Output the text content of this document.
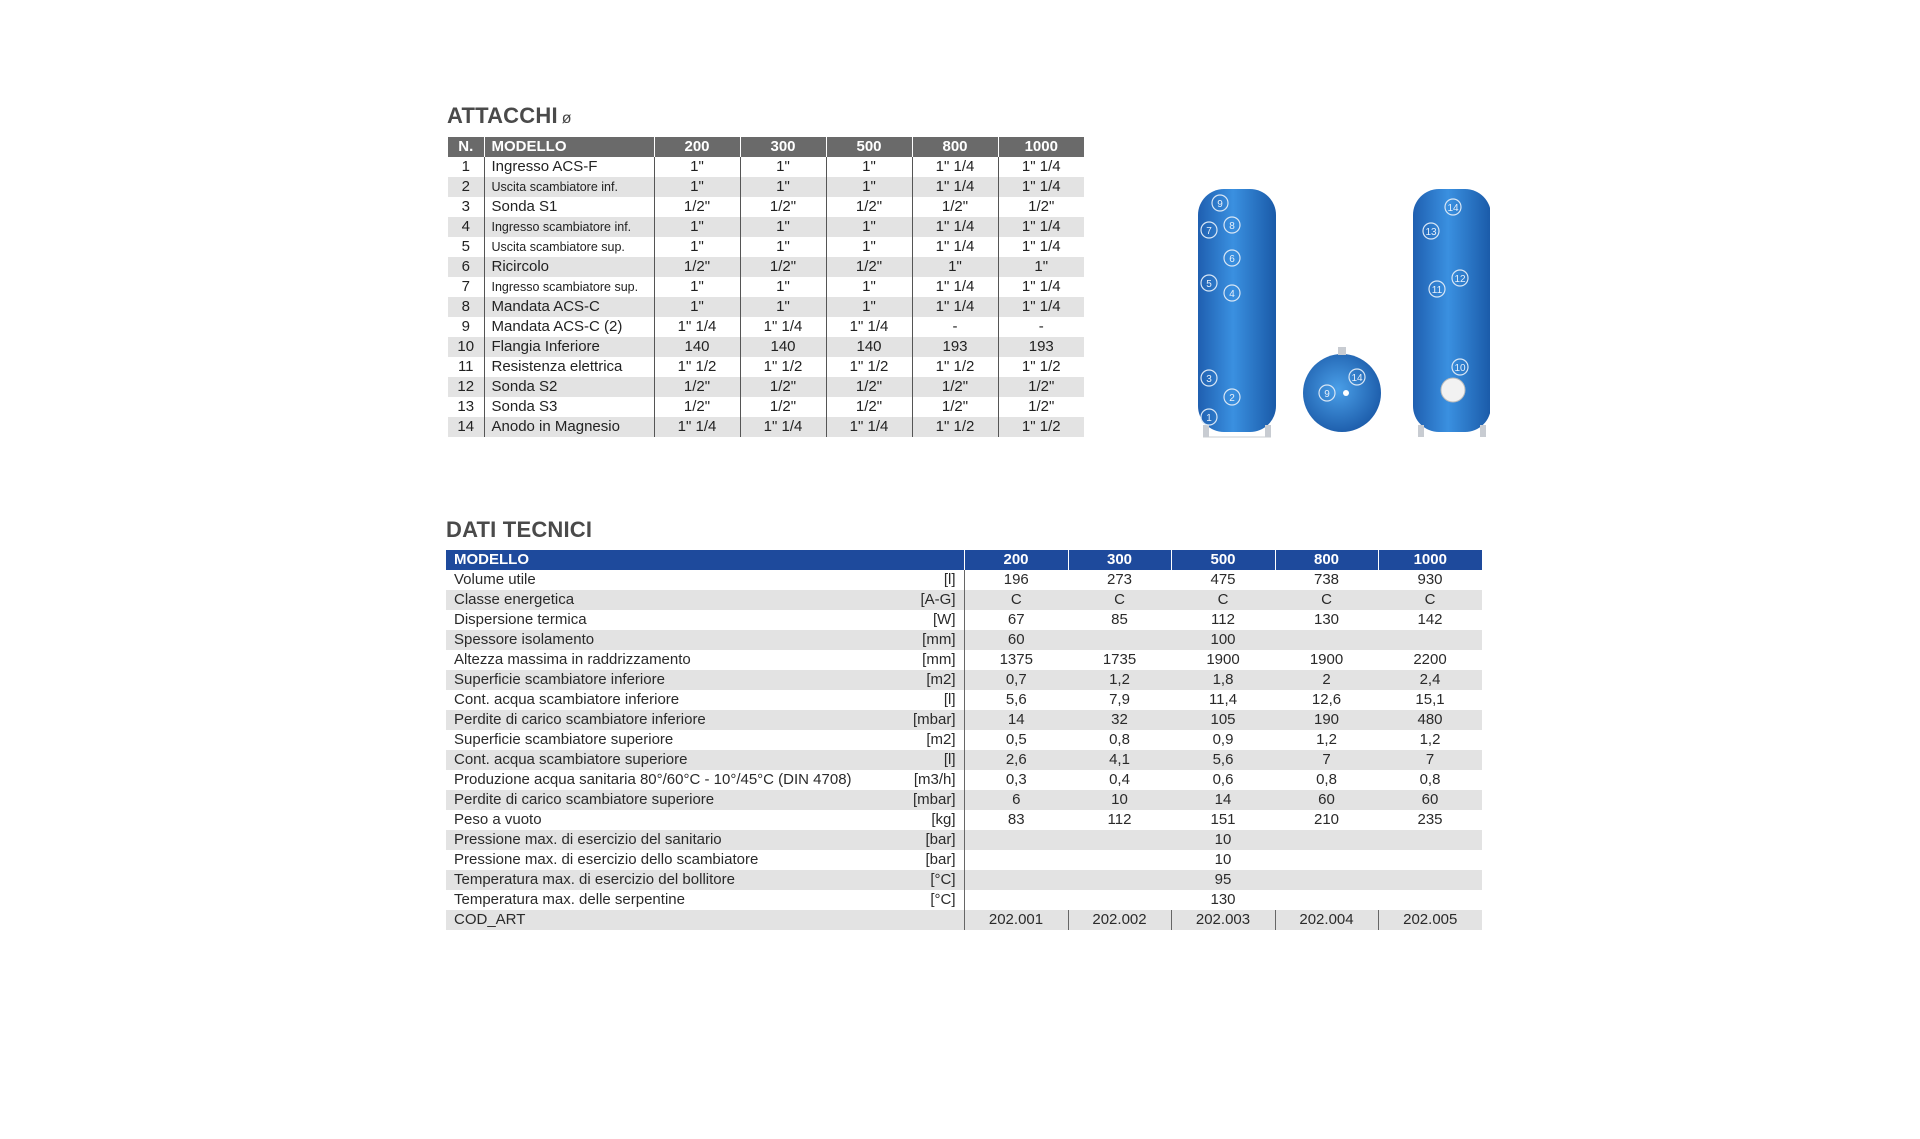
ATTACCHI ø
N.	MODELLO	200	300	500	800	1000
1	Ingresso ACS-F	1"	1"	1"	1" 1/4	1" 1/4
2	Uscita scambiatore inf.	1"	1"	1"	1" 1/4	1" 1/4
3	Sonda S1	1/2"	1/2"	1/2"	1/2"	1/2"
4	Ingresso scambiatore inf.	1"	1"	1"	1" 1/4	1" 1/4
5	Uscita scambiatore sup.	1"	1"	1"	1" 1/4	1" 1/4
6	Ricircolo	1/2"	1/2"	1/2"	1"	1"
7	Ingresso scambiatore sup.	1"	1"	1"	1" 1/4	1" 1/4
8	Mandata ACS-C	1"	1"	1"	1" 1/4	1" 1/4
9	Mandata ACS-C (2)	1" 1/4	1" 1/4	1" 1/4	-	-
10	Flangia Inferiore	140	140	140	193	193
11	Resistenza elettrica	1" 1/2	1" 1/2	1" 1/2	1" 1/2	1" 1/2
12	Sonda S2	1/2"	1/2"	1/2"	1/2"	1/2"
13	Sonda S3	1/2"	1/2"	1/2"	1/2"	1/2"
14	Anodo in Magnesio	1" 1/4	1" 1/4	1" 1/4	1" 1/2	1" 1/2
DATI TECNICI
MODELLO		200	300	500	800	1000
Volume utile	[l]	196	273	475	738	930
Classe energetica	[A-G]	C	C	C	C	C
Dispersione termica	[W]	67	85	112	130	142
Spessore isolamento	[mm]	60		100		
Altezza massima in raddrizzamento	[mm]	1375	1735	1900	1900	2200
Superficie scambiatore inferiore	[m2]	0,7	1,2	1,8	2	2,4
Cont. acqua scambiatore inferiore	[l]	5,6	7,9	11,4	12,6	15,1
Perdite di carico scambiatore inferiore	[mbar]	14	32	105	190	480
Superficie scambiatore superiore	[m2]	0,5	0,8	0,9	1,2	1,2
Cont. acqua scambiatore superiore	[l]	2,6	4,1	5,6	7	7
Produzione acqua sanitaria 80°/60°C - 10°/45°C (DIN 4708)	[m3/h]	0,3	0,4	0,6	0,8	0,8
Perdite di carico scambiatore superiore	[mbar]	6	10	14	60	60
Peso a vuoto	[kg]	83	112	151	210	235
Pressione max. di esercizio del sanitario	[bar]			10		
Pressione max. di esercizio dello scambiatore	[bar]			10		
Temperatura max. di esercizio del bollitore	[°C]			95		
Temperatura max. delle serpentine	[°C]			130		
COD_ART		202.001	202.002	202.003	202.004	202.005
9
7 8
6
5
4
3
2
1
14
9
14
13
12
11
10
